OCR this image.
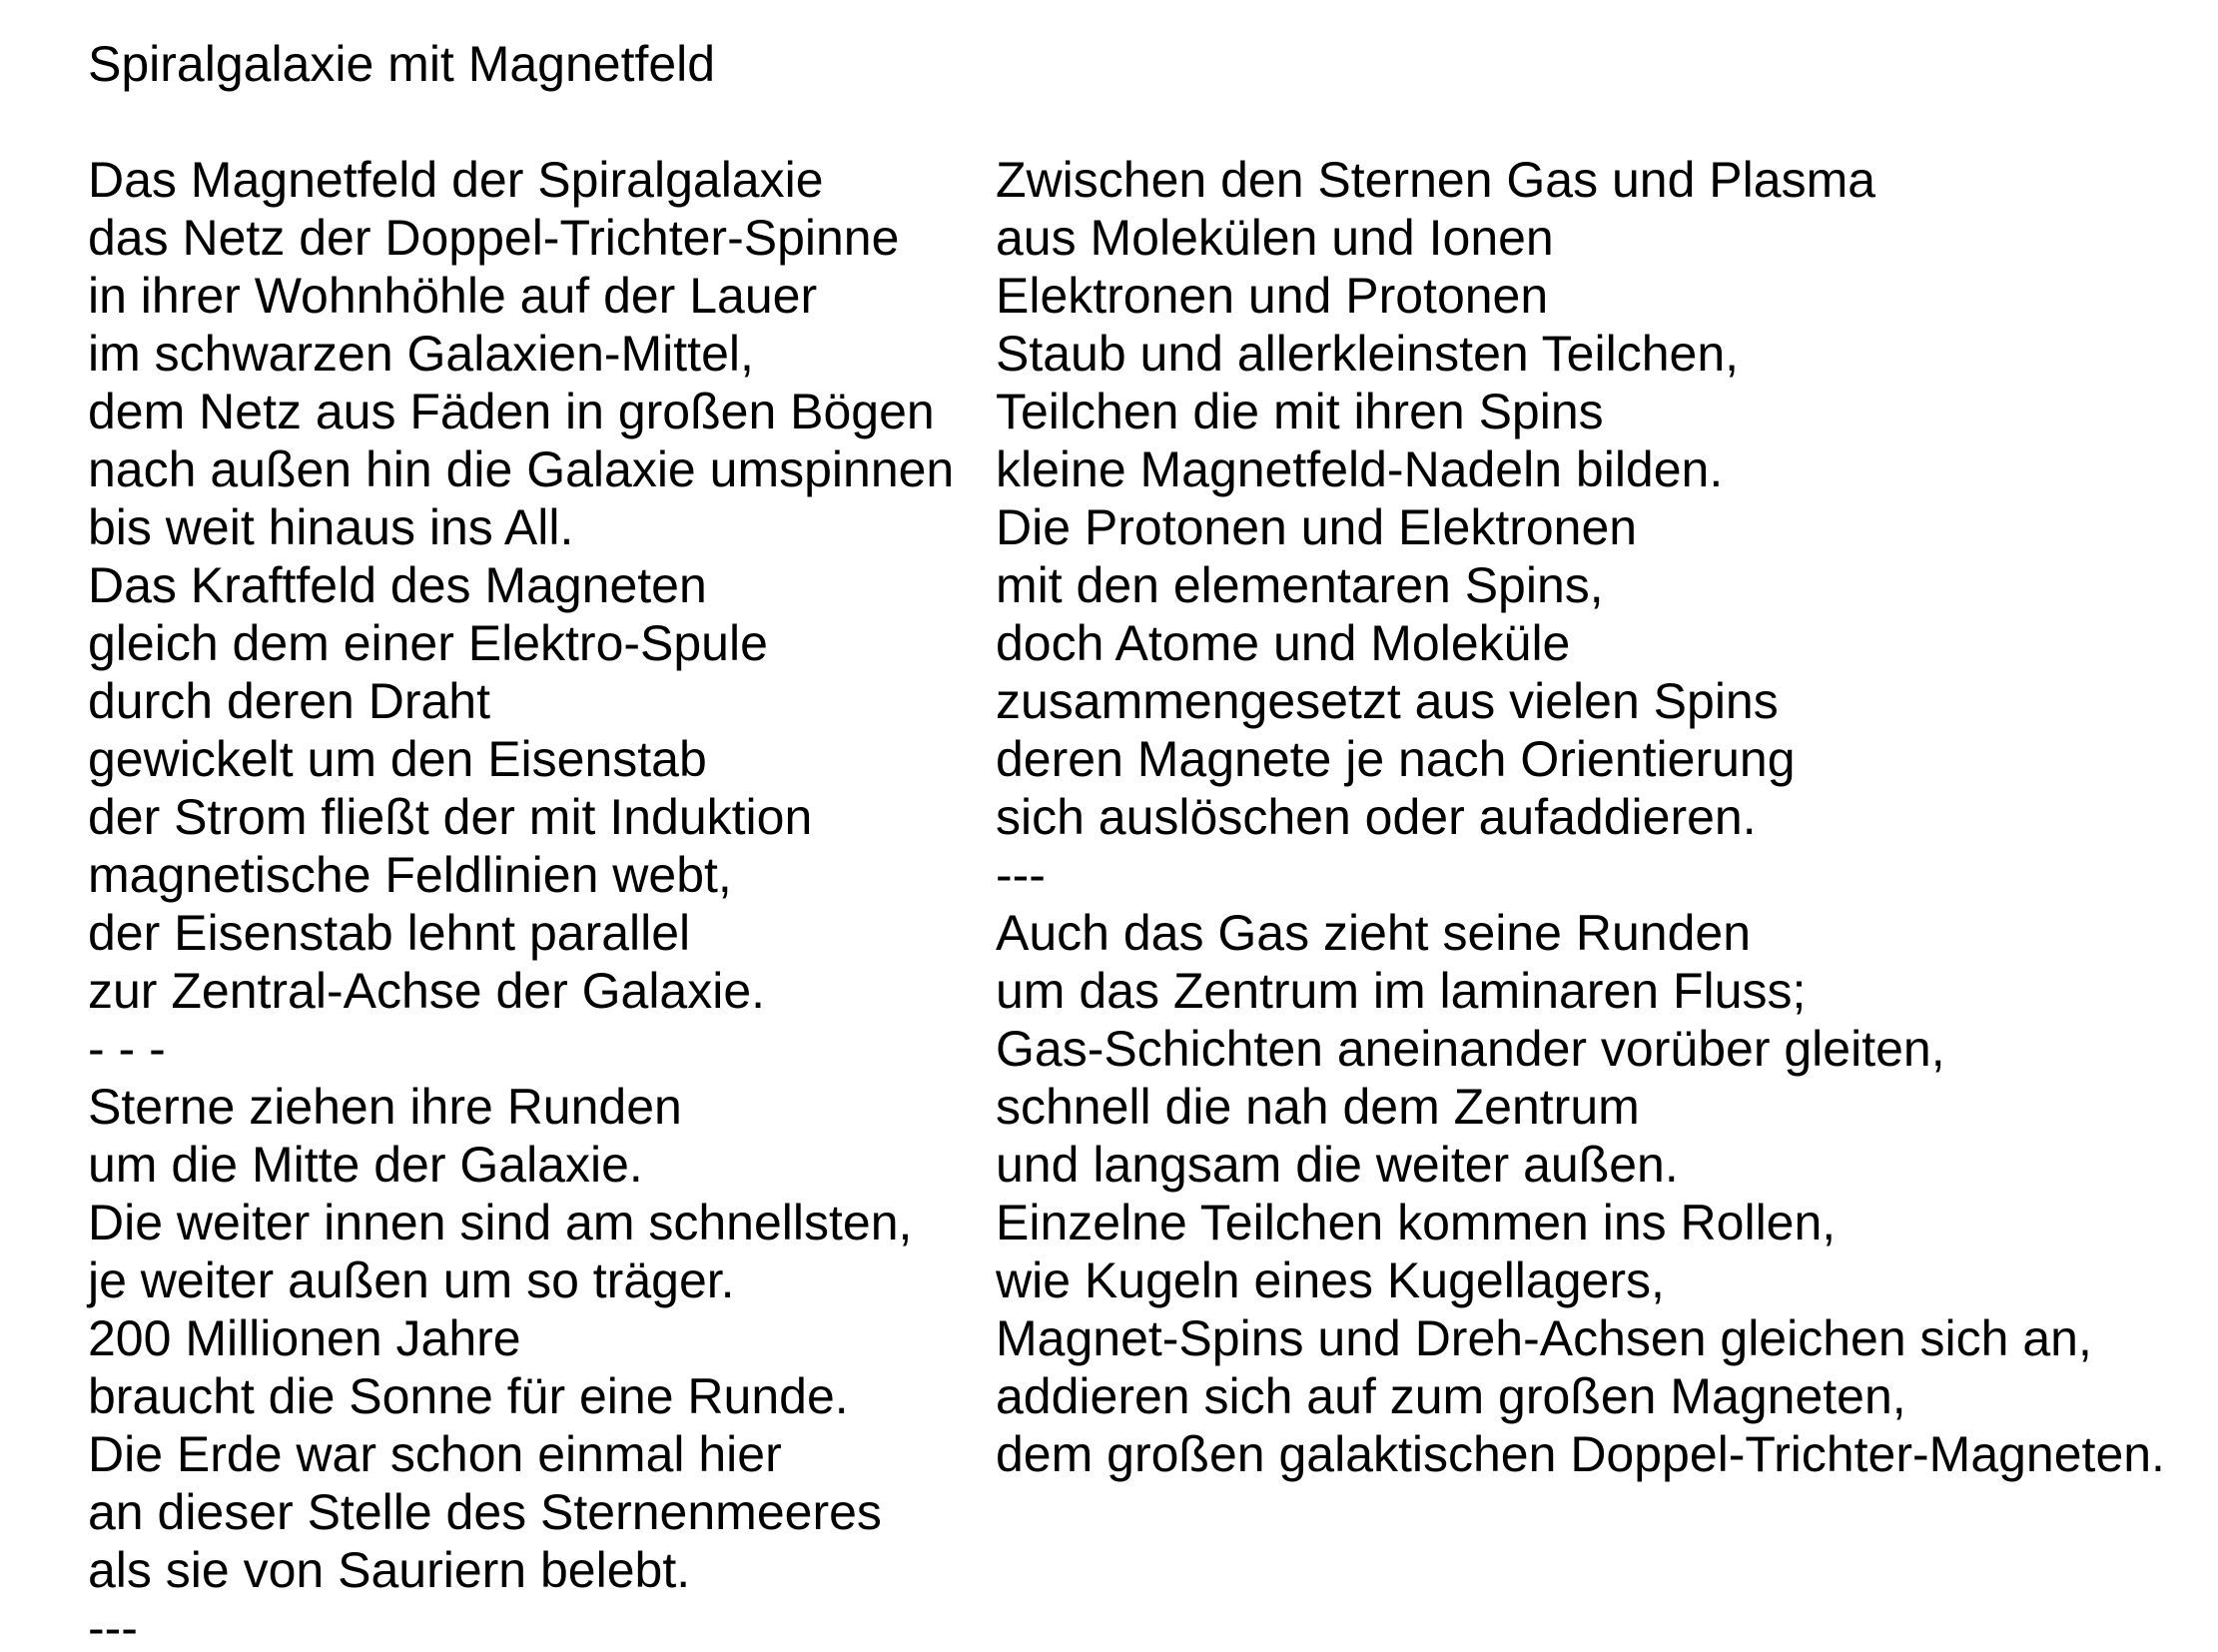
Spiralgalaxie mit Magnetfeld
Das Magnetfeld der Spiralgalaxie
das Netz der Doppel-Trichter-Spinne
in ihrer Wohnhöhle auf der Lauer
im schwarzen Galaxien-Mittel,
dem Netz aus Fäden in großen Bögen
nach außen hin die Galaxie umspinnen
bis weit hinaus ins All.
Das Kraftfeld des Magneten
gleich dem einer Elektro-Spule
durch deren Draht
gewickelt um den Eisenstab
der Strom fließt der mit Induktion
magnetische Feldlinien webt,
der Eisenstab lehnt parallel
zur Zentral-Achse der Galaxie.
- - -
Sterne ziehen ihre Runden
um die Mitte der Galaxie.
Die weiter innen sind am schnellsten,
je weiter außen um so träger.
200 Millionen Jahre
braucht die Sonne für eine Runde.
Die Erde war schon einmal hier
an dieser Stelle des Sternenmeeres
als sie von Sauriern belebt.
---
Zwischen den Sternen Gas und Plasma
aus Molekülen und Ionen
Elektronen und Protonen
Staub und allerkleinsten Teilchen,
Teilchen die mit ihren Spins
kleine Magnetfeld-Nadeln bilden.
Die Protonen und Elektronen
mit den elementaren Spins,
doch Atome und Moleküle
zusammengesetzt aus vielen Spins
deren Magnete je nach Orientierung
sich auslöschen oder aufaddieren.
---
Auch das Gas zieht seine Runden
um das Zentrum im laminaren Fluss;
Gas-Schichten aneinander vorüber gleiten,
schnell die nah dem Zentrum
und langsam die weiter außen.
Einzelne Teilchen kommen ins Rollen,
wie Kugeln eines Kugellagers,
Magnet-Spins und Dreh-Achsen gleichen sich an,
addieren sich auf zum großen Magneten,
dem großen galaktischen Doppel-Trichter-Magneten.
